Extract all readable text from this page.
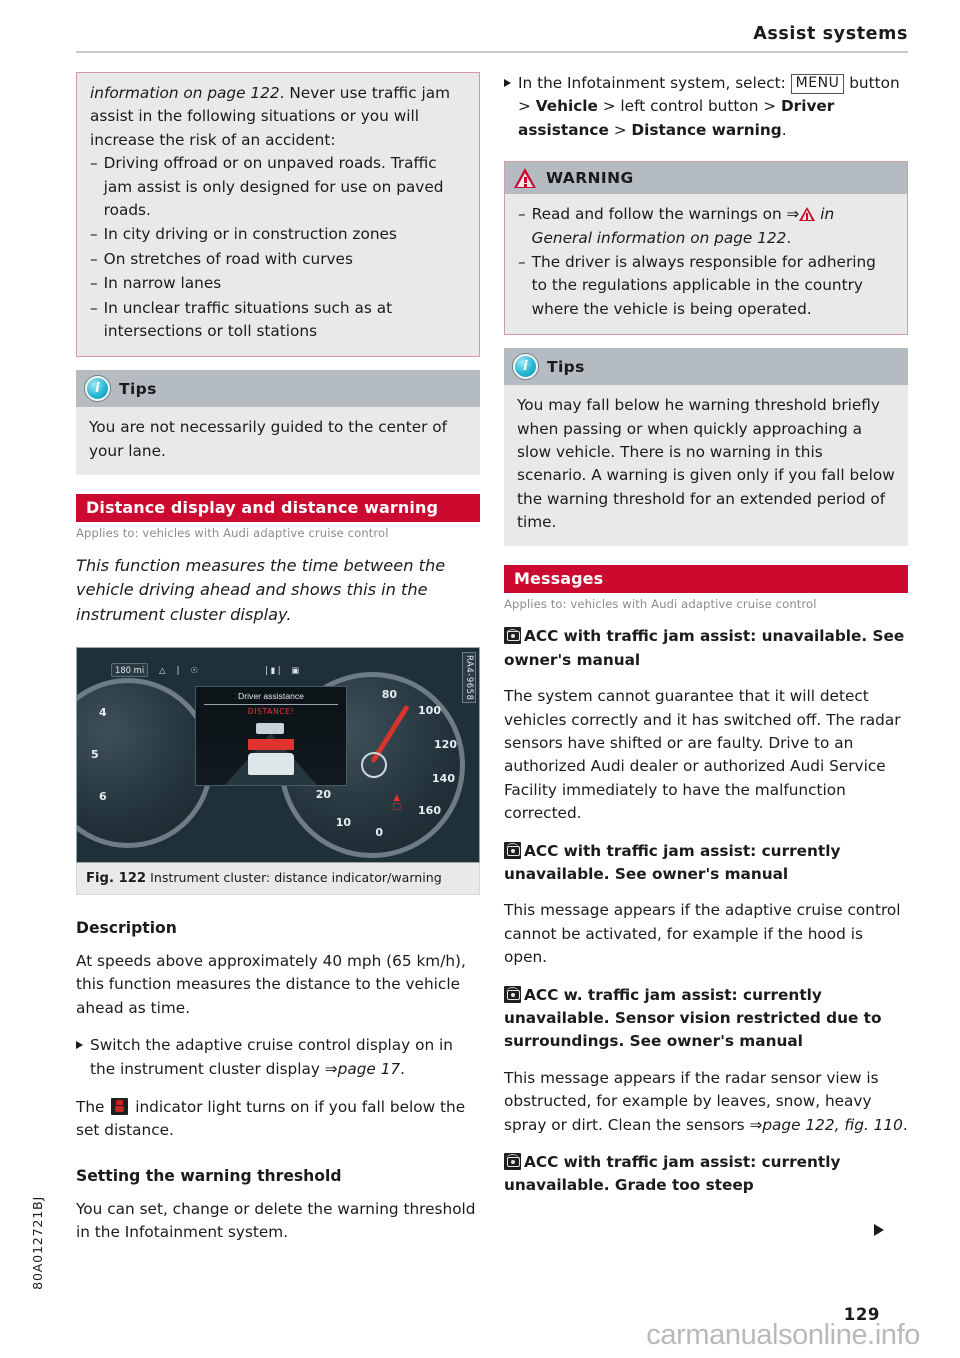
Assist systems

information on page 122. Never use traffic jam assist in the following situations or you will increase the risk of an accident:

– Driving offroad or on unpaved roads. Traffic jam assist is only designed for use on paved roads.
– In city driving or in construction zones
– On stretches of road with curves
– In narrow lanes
– In unclear traffic situations such as at intersections or toll stations
i	Tips

You are not necessarily guided to the center of your lane.

Distance display and distance warning
Applies to: vehicles with Audi adaptive cruise control

This function measures the time between the vehicle driving ahead and shows this in the instrument cluster display.

4
5
6
80
100
120
140
160
20
10
0
▲
□
180 mi	△ | ☉	| ▮ | ▣
Driver assistance
DISTANCE!
RA4-9658
Fig. 122 Instrument cluster: distance indicator/warning
Description

At speeds above approximately 40 mph (65 km/h), this function measures the distance to the vehicle ahead as time.

Switch the adaptive cruise control display on in the instrument cluster display ⇒page 17.

The
indicator light turns on if you fall below the set distance.

Setting the warning threshold

You can set, change or delete the warning threshold in the Infotainment system.

In the Infotainment system, select: MENU button > Vehicle > left control button > Driver assistance > Distance warning.
WARNING
– Read and follow the warnings on ⇒
in General information on page 122.
– The driver is always responsible for adhering to the regulations applicable in the country where the vehicle is being operated.
i	Tips

You may fall below he warning threshold briefly when passing or when quickly approaching a slow vehicle. There is no warning in this scenario. A warning is given only if you fall below the warning threshold for an extended period of time.

Messages
Applies to: vehicles with Audi adaptive cruise control

ACC with traffic jam assist: unavailable. See owner's manual

The system cannot guarantee that it will detect vehicles correctly and it has switched off. The radar sensors have shifted or are faulty. Drive to an authorized Audi dealer or authorized Audi Service Facility immediately to have the malfunction corrected.

ACC with traffic jam assist: currently unavailable. See owner's manual

This message appears if the adaptive cruise control cannot be activated, for example if the hood is open.

ACC w. traffic jam assist: currently unavailable. Sensor vision restricted due to surroundings. See owner's manual

This message appears if the radar sensor view is obstructed, for example by leaves, snow, heavy spray or dirt. Clean the sensors ⇒page 122, fig. 110.

ACC with traffic jam assist: currently unavailable. Grade too steep

80A012721BJ
129
carmanualsonline.info
